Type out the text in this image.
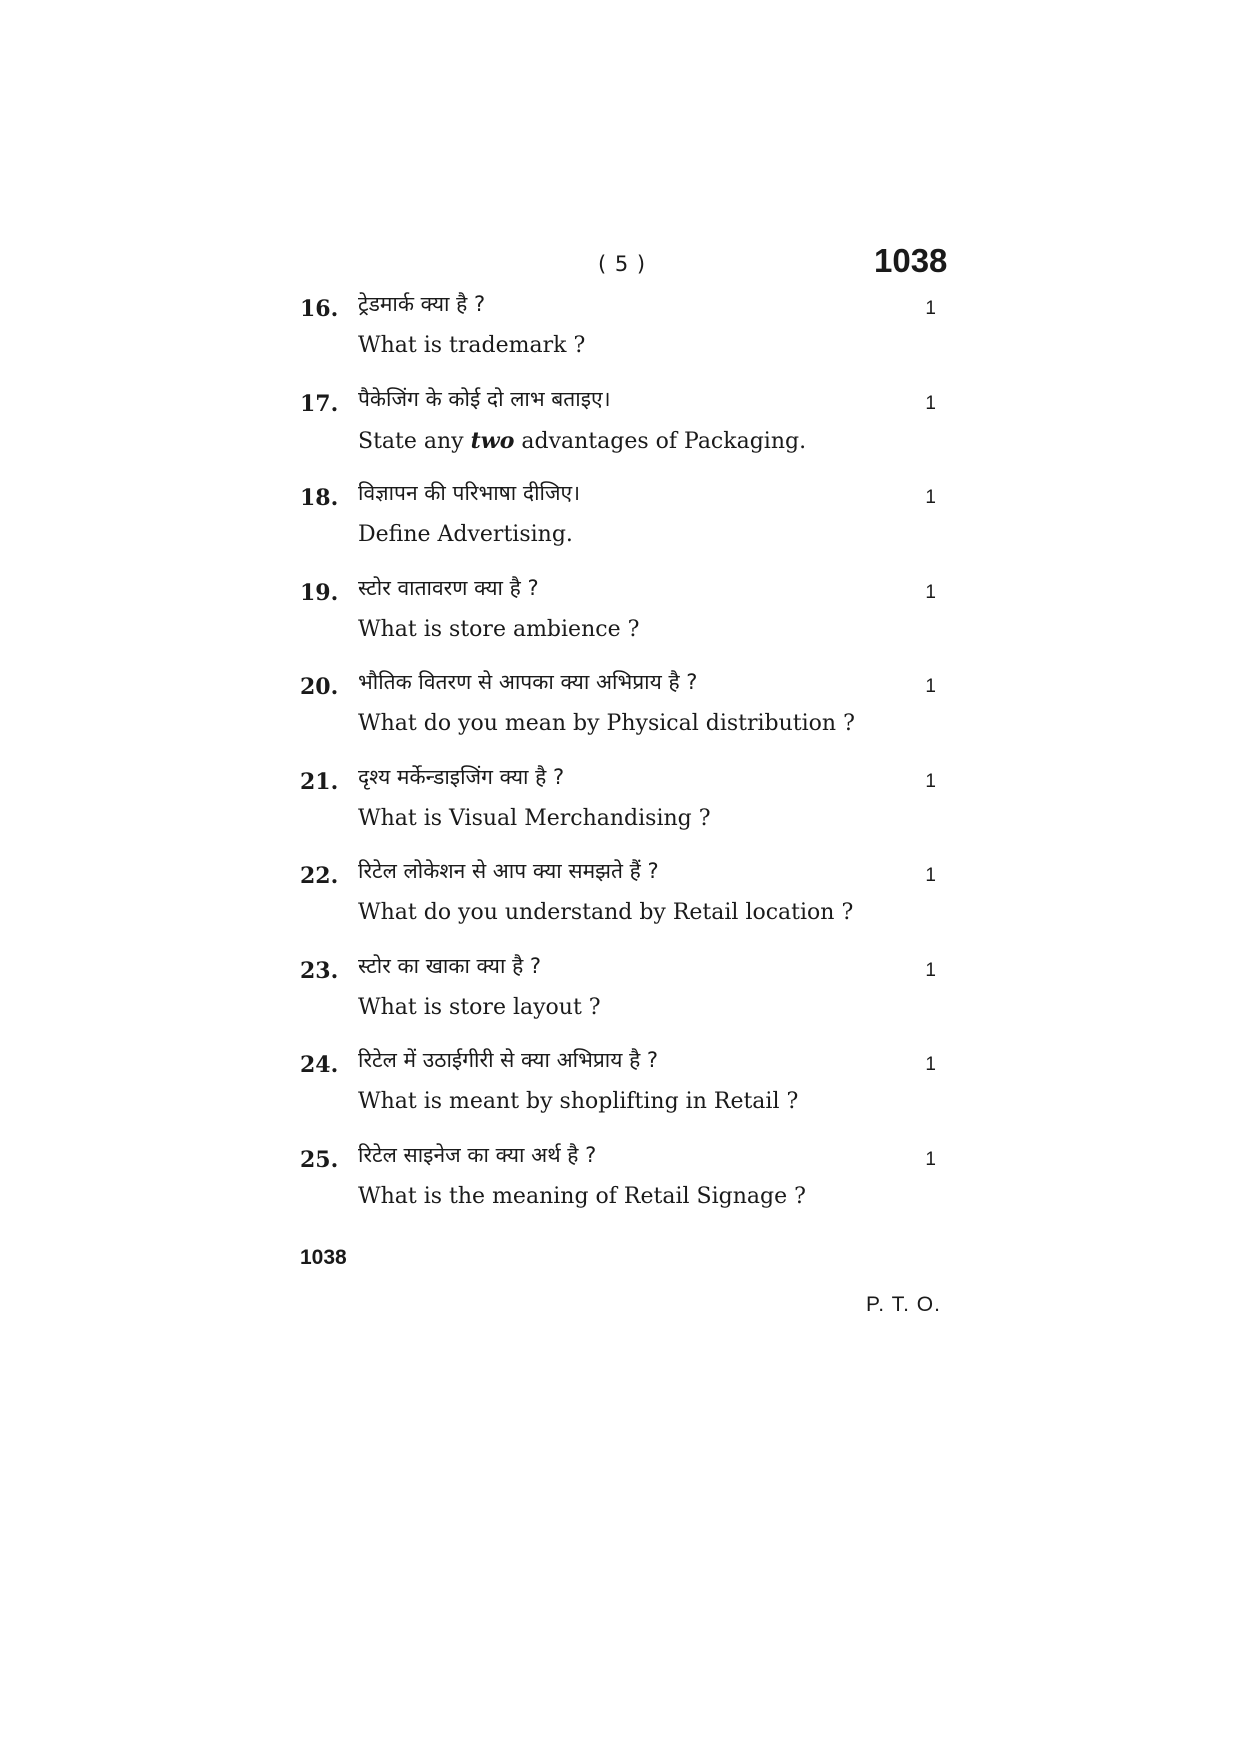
( 5 )	1038
16. ट्रेडमार्क क्या है ?
What is trademark ?
1
17. पैकेजिंग के कोई दो लाभ बताइए।
State any two advantages of Packaging.
1
18. विज्ञापन की परिभाषा दीजिए।
Define Advertising.
1
19. स्टोर वातावरण क्या है ?
What is store ambience ?
1
20. भौतिक वितरण से आपका क्या अभिप्राय है ?
What do you mean by Physical distribution ?
1
21. दृश्य मर्केन्डाइजिंग क्या है ?
What is Visual Merchandising ?
1
22. रिटेल लोकेशन से आप क्या समझते हैं ?
What do you understand by Retail location ?
1
23. स्टोर का खाका क्या है ?
What is store layout ?
1
24. रिटेल में उठाईगीरी से क्या अभिप्राय है ?
What is meant by shoplifting in Retail ?
1
25. रिटेल साइनेज का क्या अर्थ है ?
What is the meaning of Retail Signage ?
1
1038
P. T. O.
